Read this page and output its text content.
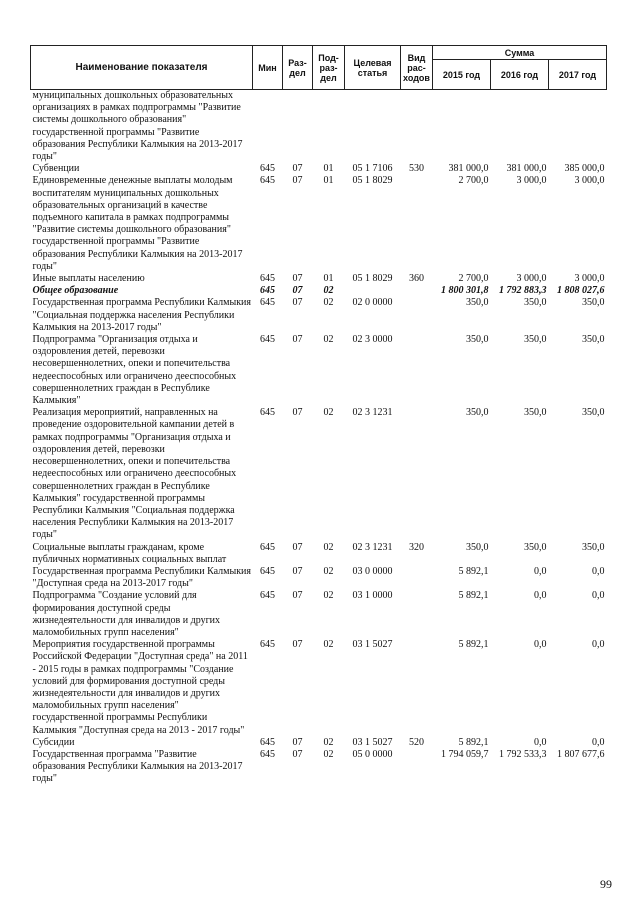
Наименование показателя	Мин	Раз-
дел	Под-
раз-
дел	Целевая
статья	Вид
рас-
ходов	Сумма		
						2015 год	2016 год	2017 год
муниципальных дошкольных образовательных организациях в рамках подпрограммы "Развитие системы дошкольного образования" государственной программы "Развитие образования Республики Калмыкия на 2013-2017 годы"								
Субвенции	645	07	01	05 1 7106	530	381 000,0	381 000,0	385 000,0
Единовременные денежные выплаты молодым воспитателям муниципальных дошкольных образовательных организаций в качестве подъемного капитала в рамках подпрограммы "Развитие системы дошкольного образования" государственной программы "Развитие образования Республики Калмыкия на 2013-2017 годы"	645	07	01	05 1 8029		2 700,0	3 000,0	3 000,0
Иные выплаты населению	645	07	01	05 1 8029	360	2 700,0	3 000,0	3 000,0
Общее образование	645	07	02			1 800 301,8	1 792 883,3	1 808 027,6
Государственная программа Республики Калмыкия "Социальная поддержка населения Республики Калмыкия на 2013-2017 годы"	645	07	02	02 0 0000		350,0	350,0	350,0
Подпрограмма "Организация отдыха и оздоровления детей, перевозки несовершеннолетних, опеки и попечительства недееспособных или ограничено дееспособных совершеннолетних граждан в Республике Калмыкия"	645	07	02	02 3 0000		350,0	350,0	350,0
Реализация мероприятий, направленных на проведение оздоровительной кампании детей в рамках подпрограммы "Организация отдыха и оздоровления детей, перевозки несовершеннолетних, опеки и попечительства недееспособных или ограничено дееспособных совершеннолетних граждан в Республике Калмыкия" государственной программы Республики Калмыкия "Социальная поддержка населения Республики Калмыкия на 2013-2017 годы"	645	07	02	02 3 1231		350,0	350,0	350,0
Социальные выплаты гражданам, кроме публичных нормативных социальных выплат	645	07	02	02 3 1231	320	350,0	350,0	350,0
Государственная программа Республики Калмыкия "Доступная среда на 2013-2017 годы"	645	07	02	03 0 0000		5 892,1	0,0	0,0
Подпрограмма "Создание условий для формирования доступной среды жизнедеятельности для инвалидов и других маломобильных групп населения"	645	07	02	03 1 0000		5 892,1	0,0	0,0
Мероприятия государственной программы Российской Федерации "Доступная среда" на 2011 - 2015 годы в рамках подпрограммы "Создание условий для формирования доступной среды жизнедеятельности для инвалидов и других маломобильных групп населения" государственной программы Республики Калмыкия "Доступная среда на 2013 - 2017 годы"	645	07	02	03 1 5027		5 892,1	0,0	0,0
Субсидии	645	07	02	03 1 5027	520	5 892,1	0,0	0,0
Государственная программа "Развитие образования Республики Калмыкия на 2013-2017 годы"	645	07	02	05 0 0000		1 794 059,7	1 792 533,3	1 807 677,6
99
